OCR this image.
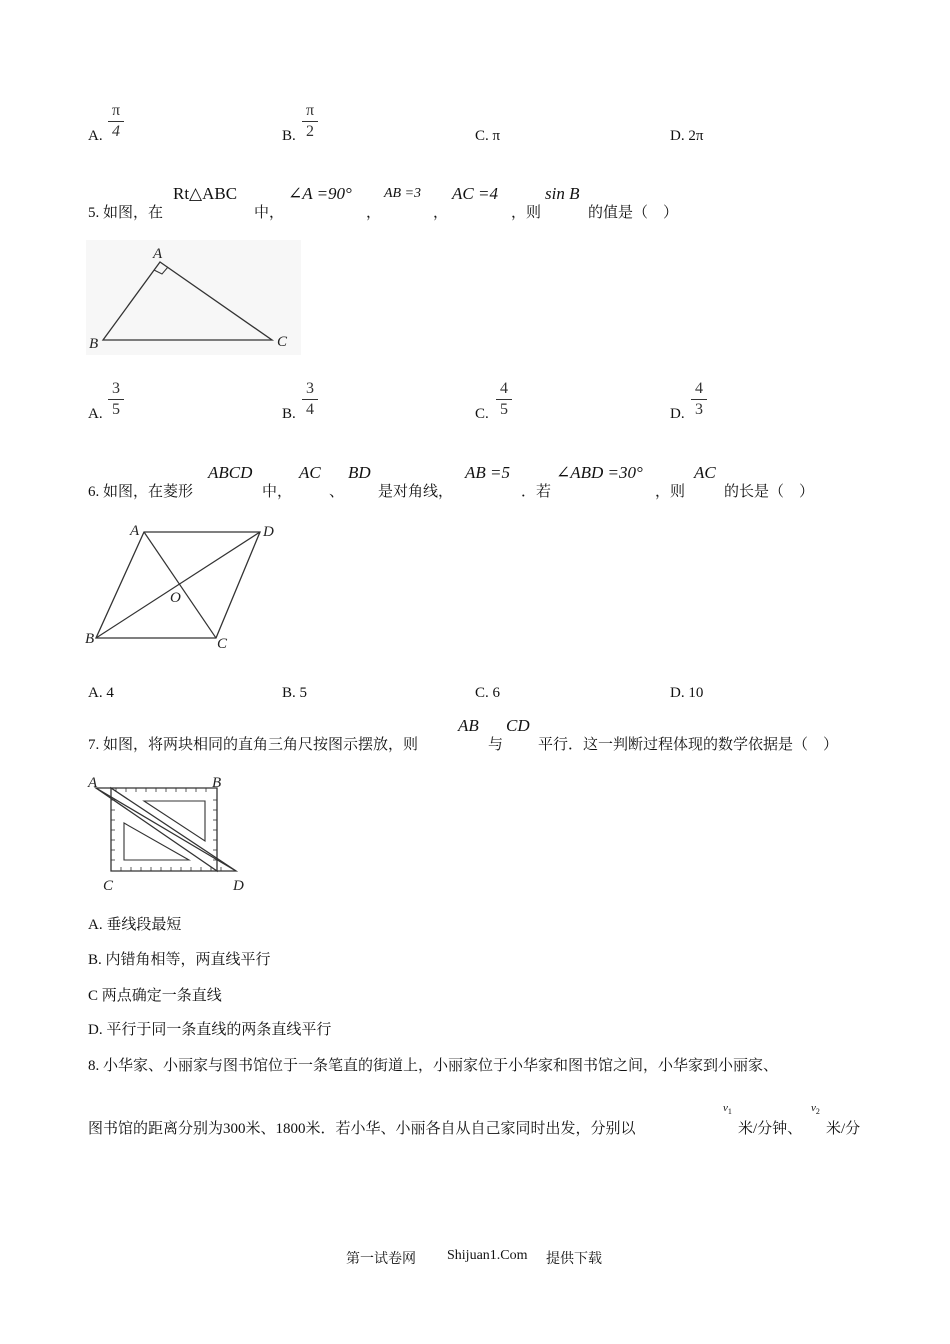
A.
π
4	B.
π
2	C. π	D. 2π
5. 如图，在
Rt△ABC
中，
∠A =90°
，
AB =3
，
AC =4
，则
sin B
的值是（　）
A
B	C
A.
3
5	B.
3
4	C.
4
5	D.
4
3
6. 如图，在菱形
ABCD
中，
AC
、
BD
是对角线，
AB =5
．若
∠ABD =30°
，则
AC
的长是（　）
A	D
O
B	C
A. 4	B. 5	C. 6	D. 10
7. 如图，将两块相同的直角三角尺按图示摆放，则
AB
与
CD
平行．这一判断过程体现的数学依据是（　）
A	B
C	D
A. 垂线段最短
B. 内错角相等，两直线平行
C 两点确定一条直线
D. 平行于同一条直线的两条直线平行
8. 小华家、小丽家与图书馆位于一条笔直的街道上，小丽家位于小华家和图书馆之间，小华家到小丽家、
图书馆的距离分别为300米、1800米．若小华、小丽各自从自己家同时出发，分别以
$v_1$
米/分钟、
$v_2$
米/分
第一试卷网 Shijuan1.Com 提供下载
